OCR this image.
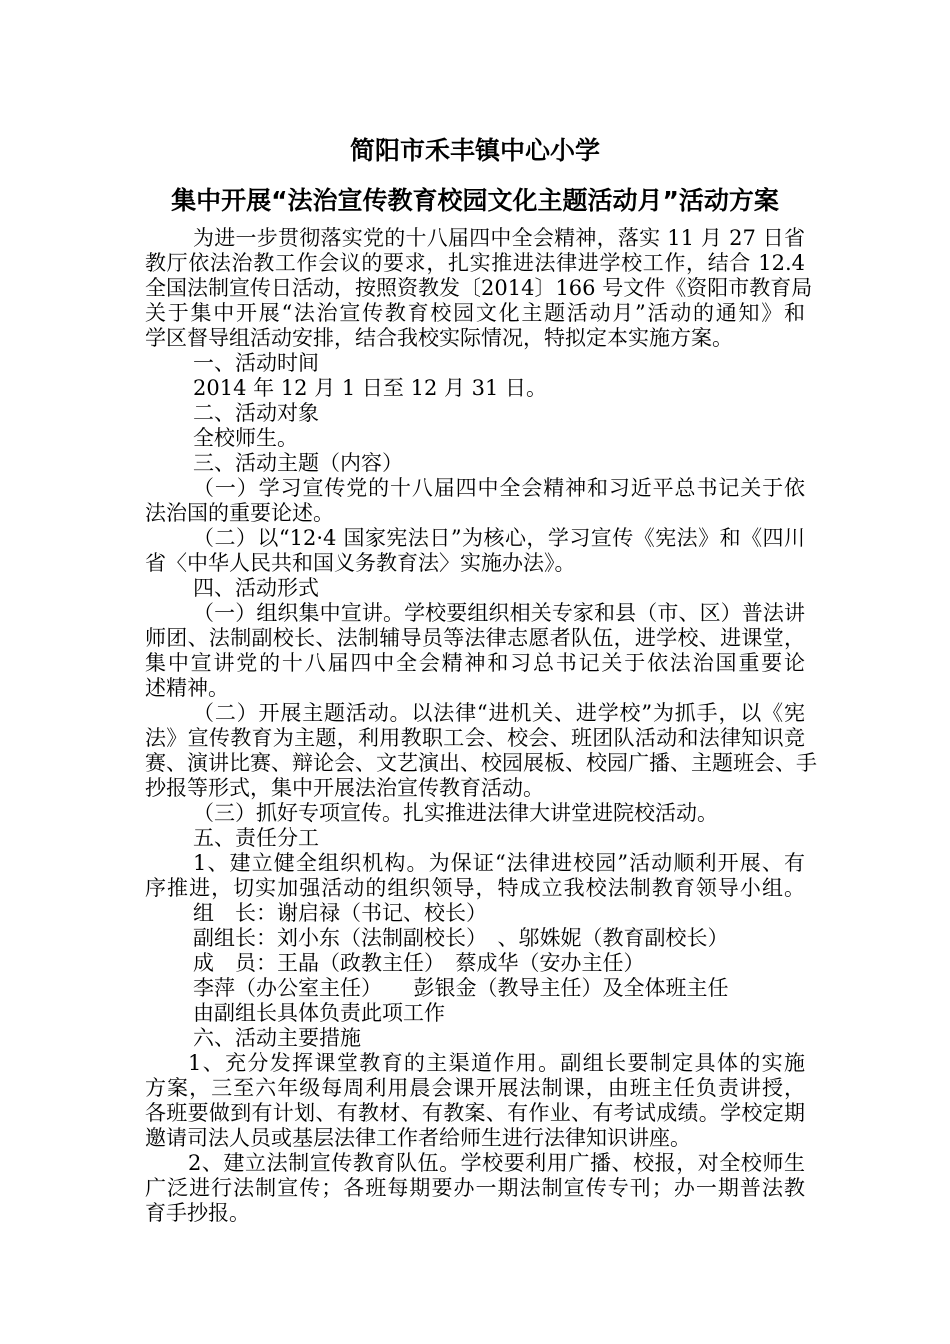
简阳市禾丰镇中心小学
集中开展“法治宣传教育校园文化主题活动月”活动方案
为进一步贯彻落实党的十八届四中全会精神，落实 11 月 27 日省
教厅依法治教工作会议的要求，扎实推进法律进学校工作，结合 12.4
全国法制宣传日活动，按照资教发〔2014〕166 号文件《资阳市教育局
关于集中开展“法治宣传教育校园文化主题活动月”活动的通知》和
学区督导组活动安排，结合我校实际情况，特拟定本实施方案。
一、活动时间
2014 年 12 月 1 日至 12 月 31 日。
二、活动对象
全校师生。
三、活动主题（内容）
（一）学习宣传党的十八届四中全会精神和习近平总书记关于依
法治国的重要论述。
（二）以“12·4 国家宪法日”为核心，学习宣传《宪法》和《四川
省〈中华人民共和国义务教育法〉实施办法》。
四、活动形式
（一）组织集中宣讲。学校要组织相关专家和县（市、区）普法讲
师团、法制副校长、法制辅导员等法律志愿者队伍，进学校、进课堂，
集中宣讲党的十八届四中全会精神和习总书记关于依法治国重要论
述精神。
（二）开展主题活动。以法律“进机关、进学校”为抓手，以《宪
法》宣传教育为主题，利用教职工会、校会、班团队活动和法律知识竞
赛、演讲比赛、辩论会、文艺演出、校园展板、校园广播、主题班会、手
抄报等形式，集中开展法治宣传教育活动。
（三）抓好专项宣传。扎实推进法律大讲堂进院校活动。
五、责任分工
1、建立健全组织机构。为保证“法律进校园”活动顺利开展、有
序推进，切实加强活动的组织领导，特成立我校法制教育领导小组。
组　长：谢启禄（书记、校长）
副组长：刘小东（法制副校长）　、邬姝妮（教育副校长）
成　员：王晶（政教主任）　蔡成华（安办主任）
李萍（办公室主任）　　彭银金（教导主任）及全体班主任
由副组长具体负责此项工作
六、活动主要措施
1、充分发挥课堂教育的主渠道作用。副组长要制定具体的实施
方案，三至六年级每周利用晨会课开展法制课，由班主任负责讲授，
各班要做到有计划、有教材、有教案、有作业、有考试成绩。学校定期
邀请司法人员或基层法律工作者给师生进行法律知识讲座。
2、建立法制宣传教育队伍。学校要利用广播、校报，对全校师生
广泛进行法制宣传；各班每期要办一期法制宣传专刊；办一期普法教
育手抄报。
